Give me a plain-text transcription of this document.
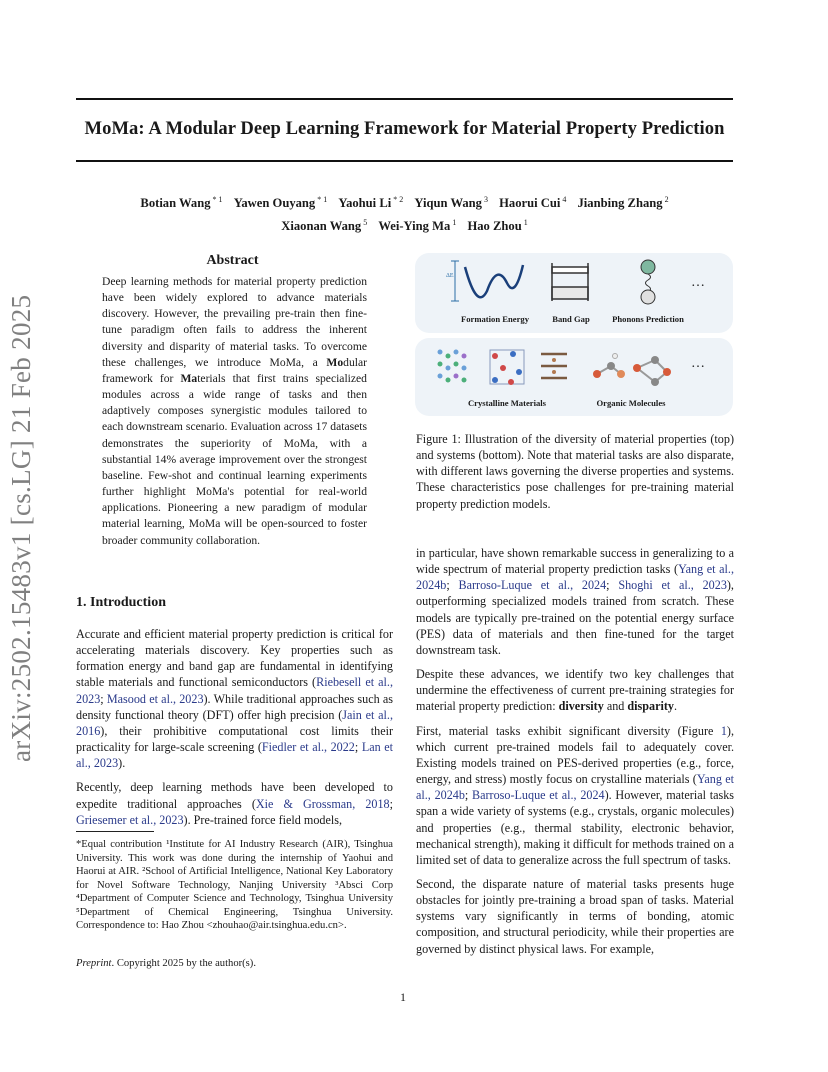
MoMa: A Modular Deep Learning Framework for Material Property Prediction
Botian Wang $^{* 1}$ Yawen Ouyang $^{* 1}$ Yaohui Li $^{* 2}$ Yiqun Wang $^3$ Haorui Cui $^4$ Jianbing Zhang $^2$
Xiaonan Wang $^5$ Wei-Ying Ma $^1$ Hao Zhou $^1$
arXiv:2502.15483v1 [cs.LG] 21 Feb 2025
Abstract
Deep learning methods for material property prediction have been widely explored to advance materials discovery. However, the prevailing pre-train then fine-tune paradigm often fails to address the inherent diversity and disparity of material tasks. To overcome these challenges, we introduce MoMa, a Modular framework for Materials that first trains specialized modules across a wide range of tasks and then adaptively composes synergistic modules tailored to each downstream scenario. Evaluation across 17 datasets demonstrates the superiority of MoMa, with a substantial 14% average improvement over the strongest baseline. Few-shot and continual learning experiments further highlight MoMa's potential for real-world applications. Pioneering a new paradigm of modular material learning, MoMa will be open-sourced to foster broader community collaboration.
1. Introduction

Accurate and efficient material property prediction is critical for accelerating materials discovery. Key properties such as formation energy and band gap are fundamental in identifying stable materials and functional semiconductors (Riebesell et al., 2023; Masood et al., 2023). While traditional approaches such as density functional theory (DFT) offer high precision (Jain et al., 2016), their prohibitive computational cost limits their practicality for large-scale screening (Fiedler et al., 2022; Lan et al., 2023).

Recently, deep learning methods have been developed to expedite traditional approaches (Xie & Grossman, 2018; Griesemer et al., 2023). Pre-trained force field models,

*Equal contribution ¹Institute for AI Industry Research (AIR), Tsinghua University. This work was done during the internship of Yaohui and Haorui at AIR. ²School of Artificial Intelligence, National Key Laboratory for Novel Software Technology, Nanjing University ³Absci Corp ⁴Department of Computer Science and Technology, Tsinghua University ⁵Department of Chemical Engineering, Tsinghua University. Correspondence to: Hao Zhou <zhouhao@air.tsinghua.edu.cn>.
Preprint. Copyright 2025 by the author(s).
ΔE	…
Formation Energy	Band Gap	Phonons Prediction
…
Crystalline Materials	Organic Molecules
Figure 1: Illustration of the diversity of material properties (top) and systems (bottom). Note that material tasks are also disparate, with different laws governing the diverse properties and systems. These characteristics pose challenges for pre-training material property prediction models.

in particular, have shown remarkable success in generalizing to a wide spectrum of material property prediction tasks (Yang et al., 2024b; Barroso-Luque et al., 2024; Shoghi et al., 2023), outperforming specialized models trained from scratch. These models are typically pre-trained on the potential energy surface (PES) data of materials and then fine-tuned for the target downstream task.

Despite these advances, we identify two key challenges that undermine the effectiveness of current pre-training strategies for material property prediction: diversity and disparity.

First, material tasks exhibit significant diversity (Figure 1), which current pre-trained models fail to adequately cover. Existing models trained on PES-derived properties (e.g., force, energy, and stress) mostly focus on crystalline materials (Yang et al., 2024b; Barroso-Luque et al., 2024). However, material tasks span a wide variety of systems (e.g., crystals, organic molecules) and properties (e.g., thermal stability, electronic behavior, mechanical strength), making it difficult for methods trained on a limited set of data to generalize across the full spectrum of tasks.

Second, the disparate nature of material tasks presents huge obstacles for jointly pre-training a broad span of tasks. Material systems vary significantly in terms of bonding, atomic composition, and structural periodicity, while their properties are governed by distinct physical laws. For example,

1
